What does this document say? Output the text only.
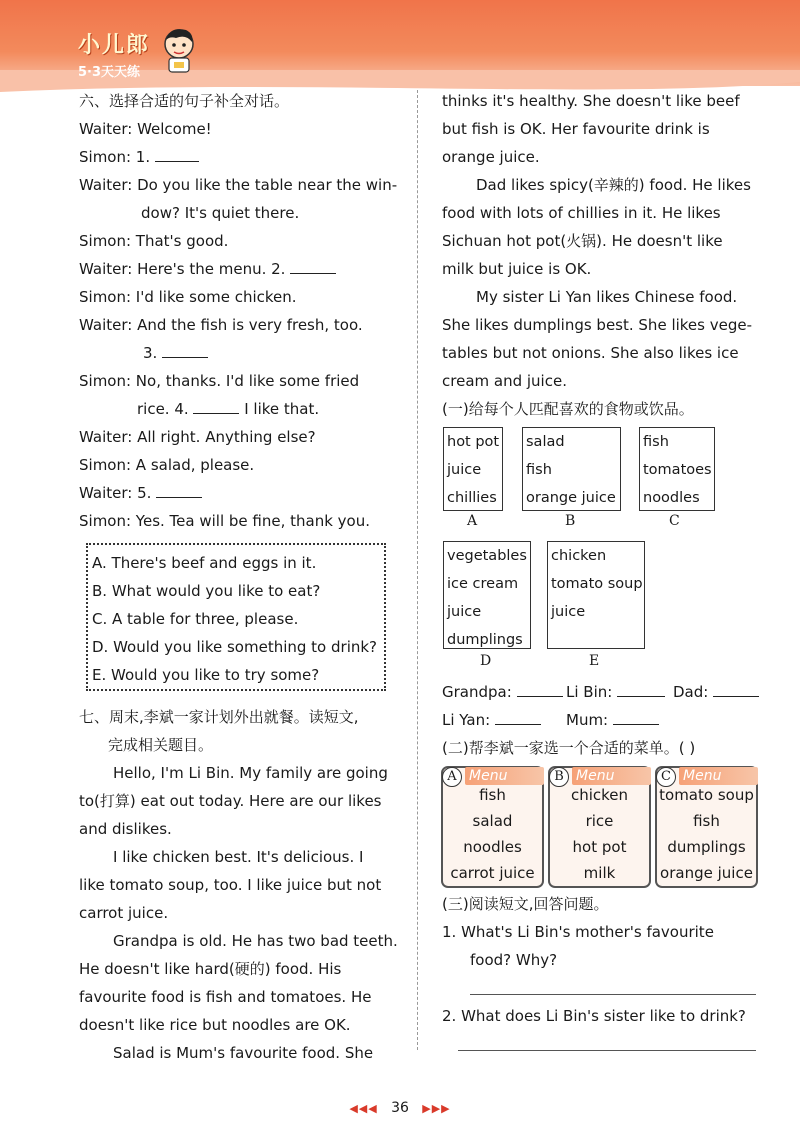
小儿郎
5·3天天练
六、选择合适的句子补全对话。
Waiter: Welcome!
Simon: 1.
Waiter: Do you like the table near the win-
dow? It's quiet there.
Simon: That's good.
Waiter: Here's the menu. 2.
Simon: I'd like some chicken.
Waiter: And the fish is very fresh, too.
3.
Simon: No, thanks. I'd like some fried
rice. 4.	I like that.
Waiter: All right. Anything else?
Simon: A salad, please.
Waiter: 5.
Simon: Yes. Tea will be fine, thank you.
A. There's beef and eggs in it.
B. What would you like to eat?
C. A table for three, please.
D. Would you like something to drink?
E. Would you like to try some?
七、周末,李斌一家计划外出就餐。读短文,
完成相关题目。
Hello, I'm Li Bin. My family are going
to(打算) eat out today. Here are our likes
and dislikes.
I like chicken best. It's delicious. I
like tomato soup, too. I like juice but not
carrot juice.
Grandpa is old. He has two bad teeth.
He doesn't like hard(硬的) food. His
favourite food is fish and tomatoes. He
doesn't like rice but noodles are OK.
Salad is Mum's favourite food. She
thinks it's healthy. She doesn't like beef
but fish is OK. Her favourite drink is
orange juice.
Dad likes spicy(辛辣的) food. He likes
food with lots of chillies in it. He likes
Sichuan hot pot(火锅). He doesn't like
milk but juice is OK.
My sister Li Yan likes Chinese food.
She likes dumplings best. She likes vege-
tables but not onions. She also likes ice
cream and juice.
(一)给每个人匹配喜欢的食物或饮品。
hot pot
juice
chillies
A
salad
fish
orange juice
B
fish
tomatoes
noodles
C
vegetables
ice cream
juice
dumplings
D
chicken
tomato soup
juice
E
Grandpa:	Li Bin:	Dad:
Li Yan:	Mum:
(二)帮李斌一家选一个合适的菜单。( )
Menu
A
fish
salad
noodles
carrot juice
Menu
B
chicken
rice
hot pot
milk
Menu
C
tomato soup
fish
dumplings
orange juice
(三)阅读短文,回答问题。
1. What's Li Bin's mother's favourite
food? Why?
2. What does Li Bin's sister like to drink?
◀◀◀ 36 ▶▶▶
